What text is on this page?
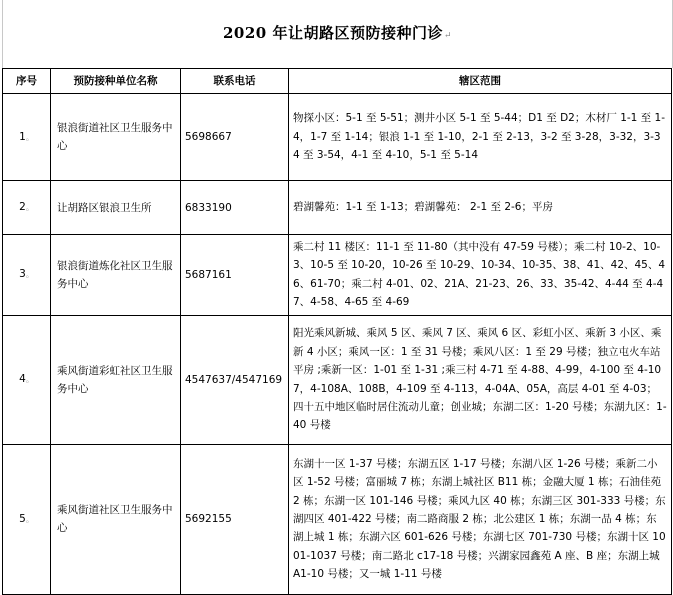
2020 年让胡路区预防接种门诊↵
序号	预防接种单位名称	联系电话	辖区范围
1。	银浪街道社区卫生服务中心	5698667	物探小区：5-1 至 5-51；测井小区 5-1 至 5-44；D1 至 D2；木材厂 1-1 至 1-4，1-7 至 1-14；银浪 1-1 至 1-10，2-1 至 2-13，3-2 至 3-28，3-32，3-34 至 3-54，4-1 至 4-10，5-1 至 5-14
2。	让胡路区银浪卫生所	6833190	碧湖馨苑：1-1 至 1-13；碧湖馨苑： 2-1 至 2-6；平房
3。	银浪街道炼化社区卫生服务中心	5687161	乘二村 11 楼区：11-1 至 11-80（其中没有 47-59 号楼）；乘二村 10-2、10-3、10-5 至 10-20，10-26 至 10-29、10-34、10-35、38、41、42、45、46、61-70；乘二村 4-01、02、21A、21-23、26、33、35-42、4-44 至 4-47、4-58、4-65 至 4-69
4。	乘风街道彩虹社区卫生服务中心	4547637/4547169	阳光乘风新城、乘风 5 区、乘风 7 区、乘风 6 区、彩虹小区、乘新 3 小区、乘新 4 小区；乘风一区：1 至 31 号楼；乘风八区：1 至 29 号楼；独立屯火车站平房 ;乘新一区：1-01 至 1-31 ;乘三村 4-71 至 4-88、4-99，4-100 至 4-107，4-108A、108B，4-109 至 4-113，4-04A、05A，高层 4-01 至 4-03；四十五中地区临时居住流动儿童；创业城；东湖二区：1-20 号楼；东湖九区：1-40 号楼
5。	乘风街道社区卫生服务中心	5692155	东湖十一区 1-37 号楼；东湖五区 1-17 号楼；东湖八区 1-26 号楼；乘新二小区 1-52 号楼；富丽城 7 栋；东湖上城社区 B11 栋；金融大厦 1 栋；石油佳苑 2 栋；东湖一区 101-146 号楼；乘风九区 40 栋；东湖三区 301-333 号楼；东湖四区 401-422 号楼；南二路商服 2 栋；北公建区 1 栋；东湖一品 4 栋；东湖上城 1 栋；东湖六区 601-626 号楼；东湖七区 701-730 号楼；东湖十区 1001-1037 号楼；南二路北 c17-18 号楼；兴湖家园鑫苑 A 座、B 座；东湖上城 A1-10 号楼；又一城 1-11 号楼
